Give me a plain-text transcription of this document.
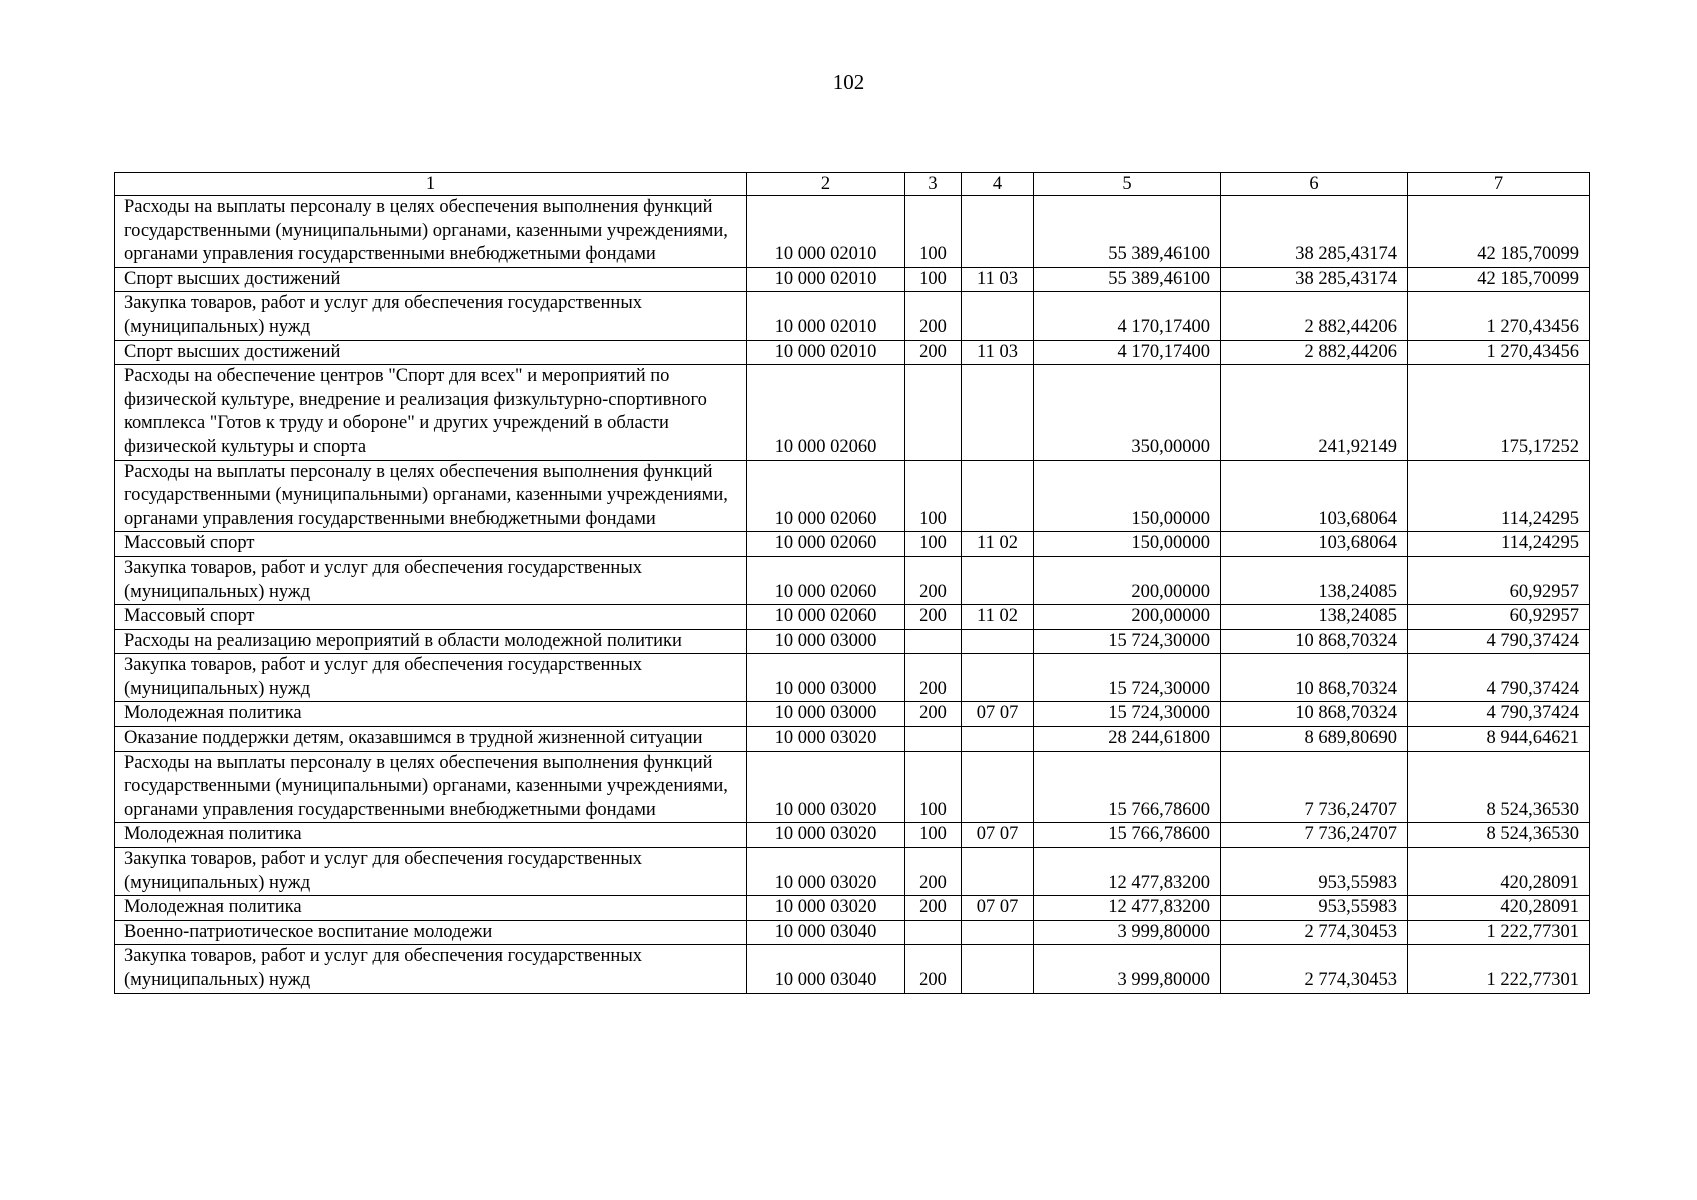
102
1	2	3	4	5	6	7
Расходы на выплаты персоналу в целях обеспечения выполнения функций государственными (муниципальными) органами, казенными учреждениями, органами управления государственными внебюджетными фондами	10 000 02010	100		55 389,46100	38 285,43174	42 185,70099
Спорт высших достижений	10 000 02010	100	11 03	55 389,46100	38 285,43174	42 185,70099
Закупка товаров, работ и услуг для обеспечения государственных (муниципальных) нужд	10 000 02010	200		4 170,17400	2 882,44206	1 270,43456
Спорт высших достижений	10 000 02010	200	11 03	4 170,17400	2 882,44206	1 270,43456
Расходы на обеспечение центров "Спорт для всех" и мероприятий по физической культуре, внедрение и реализация физкультурно-спортивного комплекса "Готов к труду и обороне" и других учреждений в области физической культуры и спорта	10 000 02060			350,00000	241,92149	175,17252
Расходы на выплаты персоналу в целях обеспечения выполнения функций государственными (муниципальными) органами, казенными учреждениями, органами управления государственными внебюджетными фондами	10 000 02060	100		150,00000	103,68064	114,24295
Массовый спорт	10 000 02060	100	11 02	150,00000	103,68064	114,24295
Закупка товаров, работ и услуг для обеспечения государственных (муниципальных) нужд	10 000 02060	200		200,00000	138,24085	60,92957
Массовый спорт	10 000 02060	200	11 02	200,00000	138,24085	60,92957
Расходы на реализацию мероприятий в области молодежной политики	10 000 03000			15 724,30000	10 868,70324	4 790,37424
Закупка товаров, работ и услуг для обеспечения государственных (муниципальных) нужд	10 000 03000	200		15 724,30000	10 868,70324	4 790,37424
Молодежная политика	10 000 03000	200	07 07	15 724,30000	10 868,70324	4 790,37424
Оказание поддержки детям, оказавшимся в трудной жизненной ситуации	10 000 03020			28 244,61800	8 689,80690	8 944,64621
Расходы на выплаты персоналу в целях обеспечения выполнения функций государственными (муниципальными) органами, казенными учреждениями, органами управления государственными внебюджетными фондами	10 000 03020	100		15 766,78600	7 736,24707	8 524,36530
Молодежная политика	10 000 03020	100	07 07	15 766,78600	7 736,24707	8 524,36530
Закупка товаров, работ и услуг для обеспечения государственных (муниципальных) нужд	10 000 03020	200		12 477,83200	953,55983	420,28091
Молодежная политика	10 000 03020	200	07 07	12 477,83200	953,55983	420,28091
Военно-патриотическое воспитание молодежи	10 000 03040			3 999,80000	2 774,30453	1 222,77301
Закупка товаров, работ и услуг для обеспечения государственных (муниципальных) нужд	10 000 03040	200		3 999,80000	2 774,30453	1 222,77301
